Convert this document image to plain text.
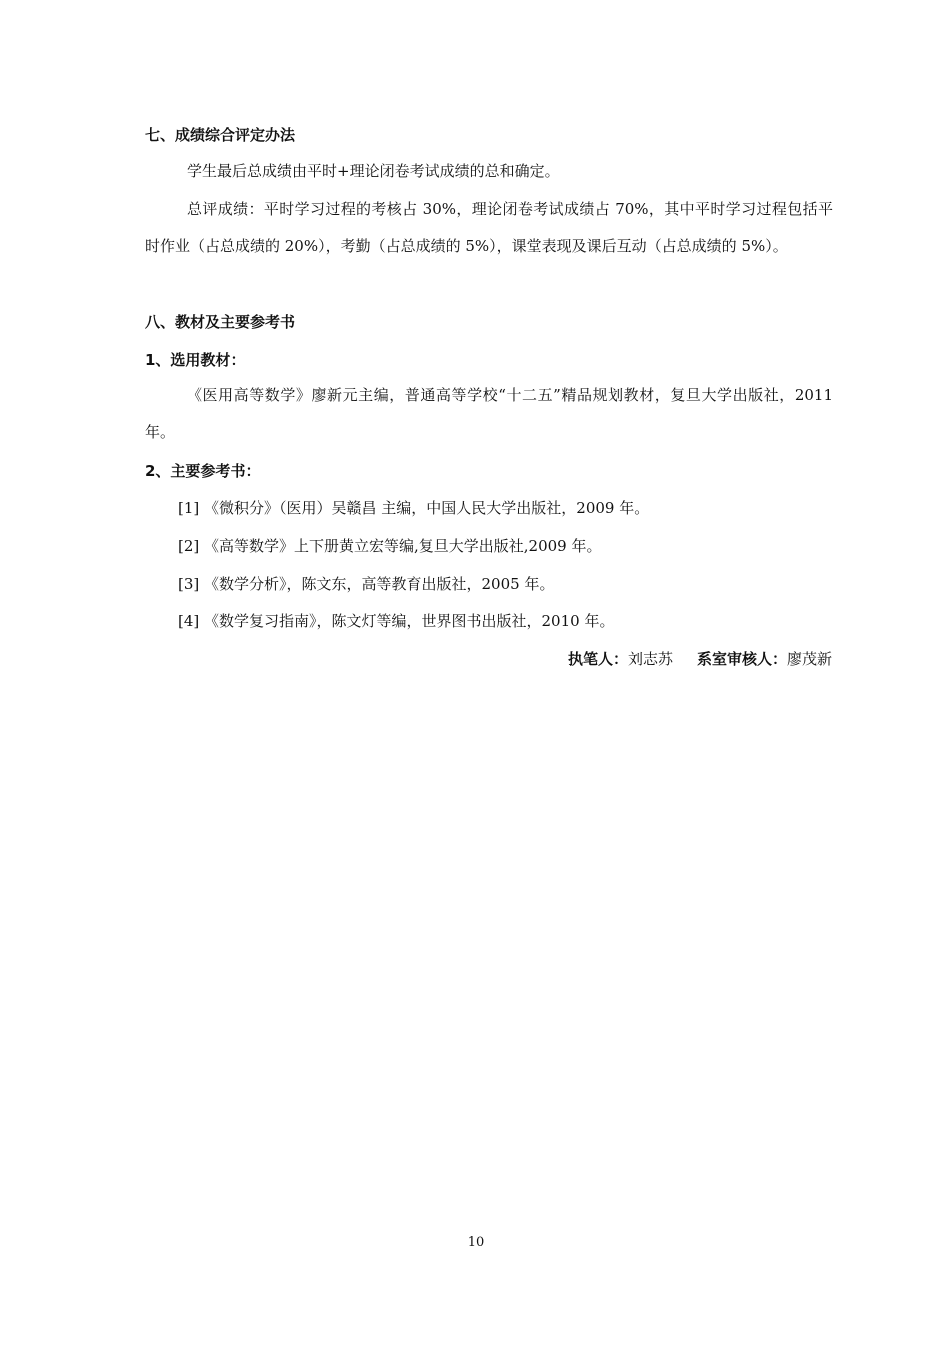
七、成绩综合评定办法
学生最后总成绩由平时+理论闭卷考试成绩的总和确定。
总评成绩：平时学习过程的考核占 30%，理论闭卷考试成绩占 70%，其中平时学习过程包括平时作业（占总成绩的 20%），考勤（占总成绩的 5%），课堂表现及课后互动（占总成绩的 5%）。
八、教材及主要参考书
1、选用教材：
《医用高等数学》廖新元主编，普通高等学校“十二五”精品规划教材，复旦大学出版社，2011 年。
2、主要参考书：
[1] 《微积分》（医用）吴赣昌 主编，中国人民大学出版社，2009 年。
[2] 《高等数学》上下册黄立宏等编,复旦大学出版社,2009 年。
[3] 《数学分析》，陈文东，高等教育出版社，2005 年。
[4] 《数学复习指南》，陈文灯等编，世界图书出版社，2010 年。
执笔人：刘志苏 系室审核人：廖茂新
10
